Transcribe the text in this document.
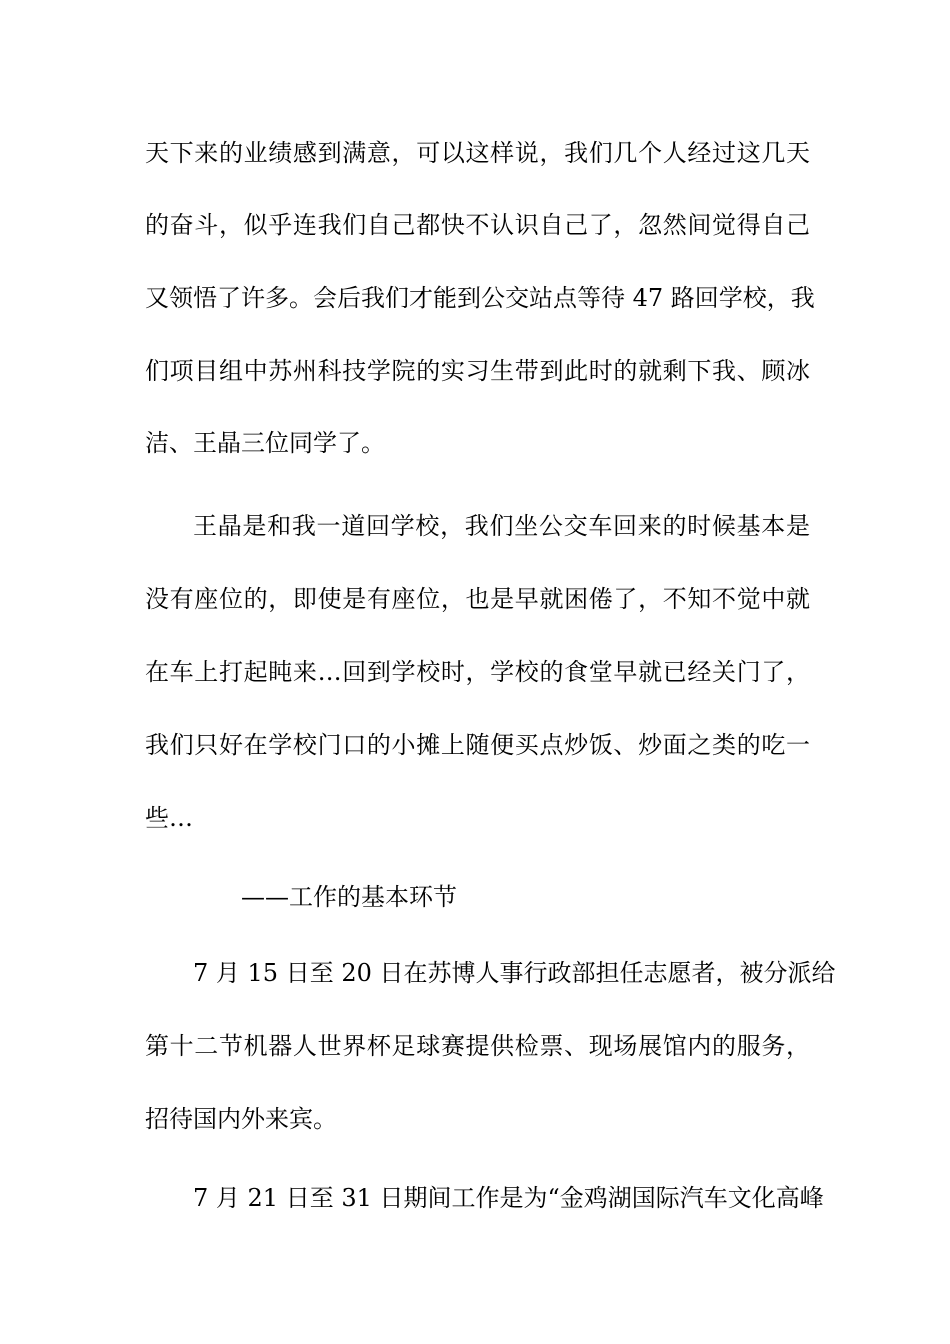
天下来的业绩感到满意，可以这样说，我们几个人经过这几天
的奋斗，似乎连我们自己都快不认识自己了，忽然间觉得自己
又领悟了许多。会后我们才能到公交站点等待 47 路回学校，我
们项目组中苏州科技学院的实习生带到此时的就剩下我、顾冰
洁、王晶三位同学了。
王晶是和我一道回学校，我们坐公交车回来的时候基本是
没有座位的，即使是有座位，也是早就困倦了，不知不觉中就
在车上打起盹来…回到学校时，学校的食堂早就已经关门了，
我们只好在学校门口的小摊上随便买点炒饭、炒面之类的吃一
些…
——工作的基本环节
7 月 15 日至 20 日在苏博人事行政部担任志愿者，被分派给
第十二节机器人世界杯足球赛提供检票、现场展馆内的服务，
招待国内外来宾。
7 月 21 日至 31 日期间工作是为“金鸡湖国际汽车文化高峰
